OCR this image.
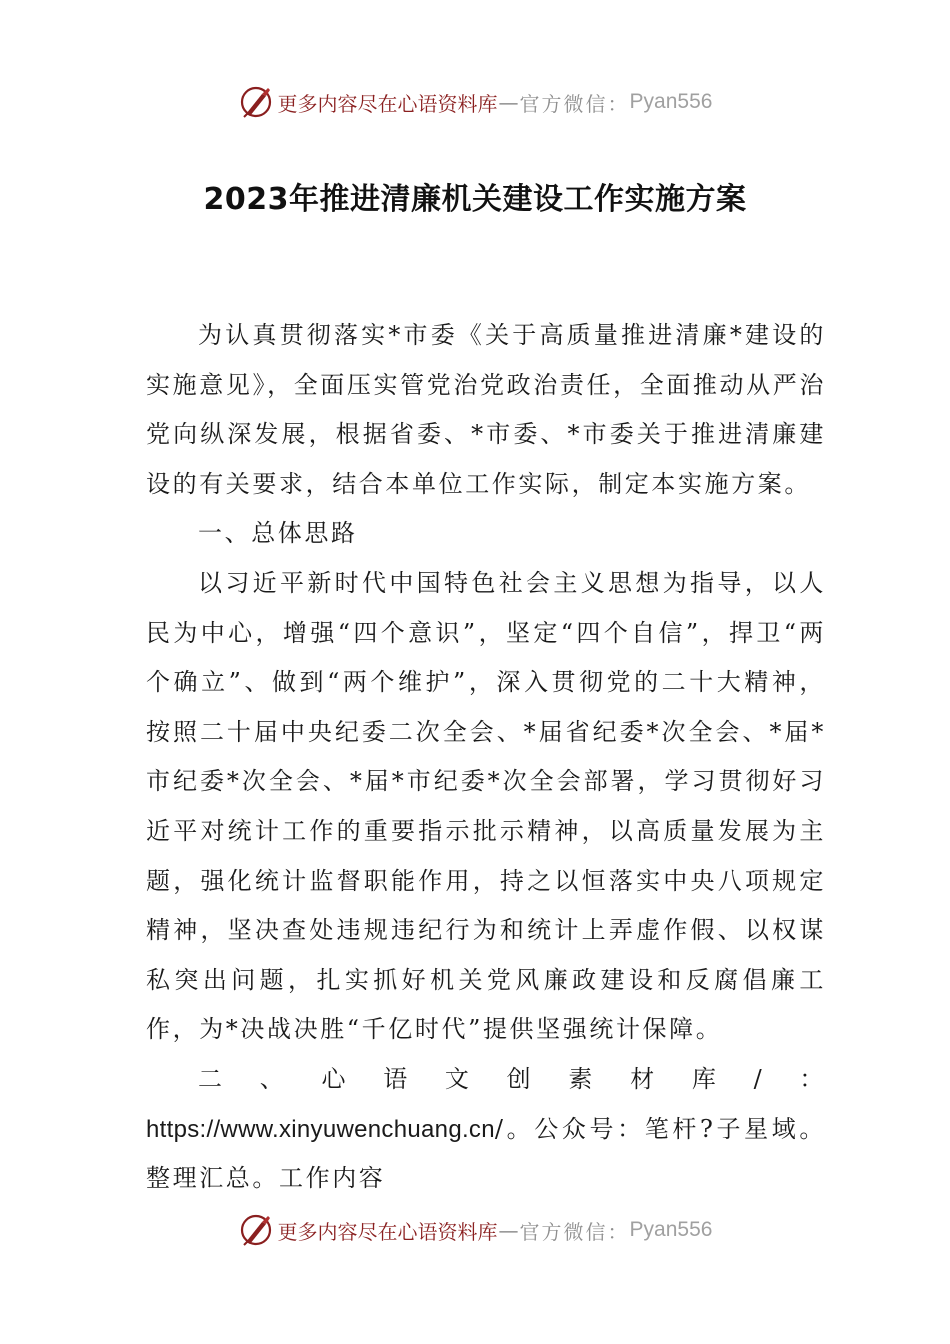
更多内容尽在心语资料库 — 官方微信： Pyan556
2023年推进清廉机关建设工作实施方案

为认真贯彻落实*市委《关于高质量推进清廉*建设的实施意见》，全面压实管党治党政治责任，全面推动从严治党向纵深发展，根据省委、*市委、*市委关于推进清廉建设的有关要求，结合本单位工作实际，制定本实施方案。

一、总体思路

以习近平新时代中国特色社会主义思想为指导，以人民为中心，增强“四个意识”，坚定“四个自信”，捍卫“两个确立”、做到“两个维护”，深入贯彻党的二十大精神，按照二十届中央纪委二次全会、*届省纪委*次全会、*届*市纪委*次全会、*届*市纪委*次全会部署，学习贯彻好习近平对统计工作的重要指示批示精神，以高质量发展为主题，强化统计监督职能作用，持之以恒落实中央八项规定精神，坚决查处违规违纪行为和统计上弄虚作假、以权谋私突出问题，扎实抓好机关党风廉政建设和反腐倡廉工作，为*决战决胜“千亿时代”提供坚强统计保障。

二、心语文创素材库/：https://www.xinyuwenchuang.cn/。公众号：笔杆?子星域。整理汇总。工作内容

更多内容尽在心语资料库 — 官方微信： Pyan556
